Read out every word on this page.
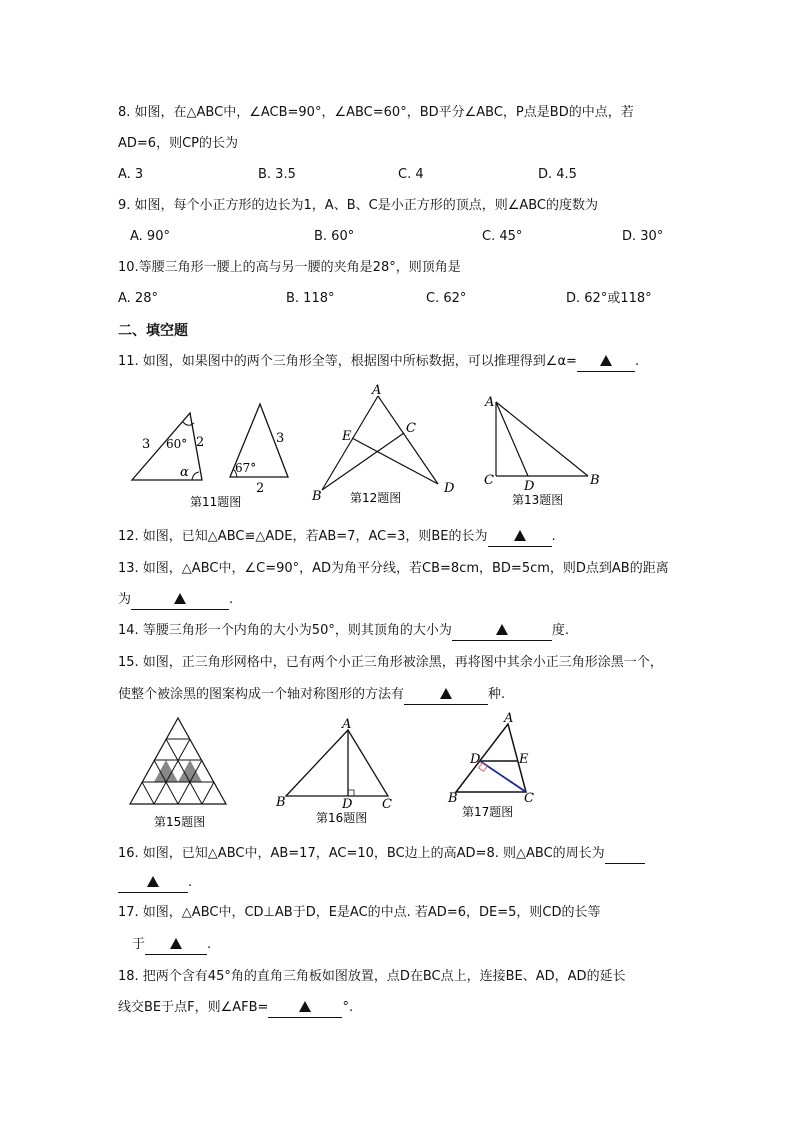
8. 如图，在△ABC中，∠ACB=90°，∠ABC=60°，BD平分∠ABC，P点是BD的中点，若
AD=6，则CP的长为
A. 3	B. 3.5	C. 4	D. 4.5
9. 如图，每个小正方形的边长为1，A、B、C是小正方形的顶点，则∠ABC的度数为
A. 90°	B. 60°	C. 45°	D. 30°
10.等腰三角形一腰上的高与另一腰的夹角是28°，则顶角是
A. 28°	B. 118°	C. 62°	D. 62°或118°
二、填空题
11. 如图，如果图中的两个三角形全等，根据图中所标数据，可以推理得到∠α=	.
3 60° 2
α
3
67°
2
第11题图
A
E
C
B
D
第12题图
A
C D	B
第13题图
12. 如图，已知△ABC≌△ADE，若AB=7，AC=3，则BE的长为	.
13. 如图，△ABC中，∠C=90°，AD为角平分线，若CB=8cm，BD=5cm，则D点到AB的距离
为	.
14. 等腰三角形一个内角的大小为50°，则其顶角的大小为	度.
15. 如图，正三角形网格中，已有两个小正三角形被涂黑，再将图中其余小正三角形涂黑一个，
使整个被涂黑的图案构成一个轴对称图形的方法有	种.
第15题图
A
B	D C
第16题图
A
D	E
B	C
第17题图
16. 如图，已知△ABC中，AB=17，AC=10，BC边上的高AD=8. 则△ABC的周长为
.
17. 如图，△ABC中，CD⊥AB于D，E是AC的中点. 若AD=6，DE=5，则CD的长等
于	.
18. 把两个含有45°角的直角三角板如图放置，点D在BC点上，连接BE、AD，AD的延长
线交BE于点F，则∠AFB=	°.
